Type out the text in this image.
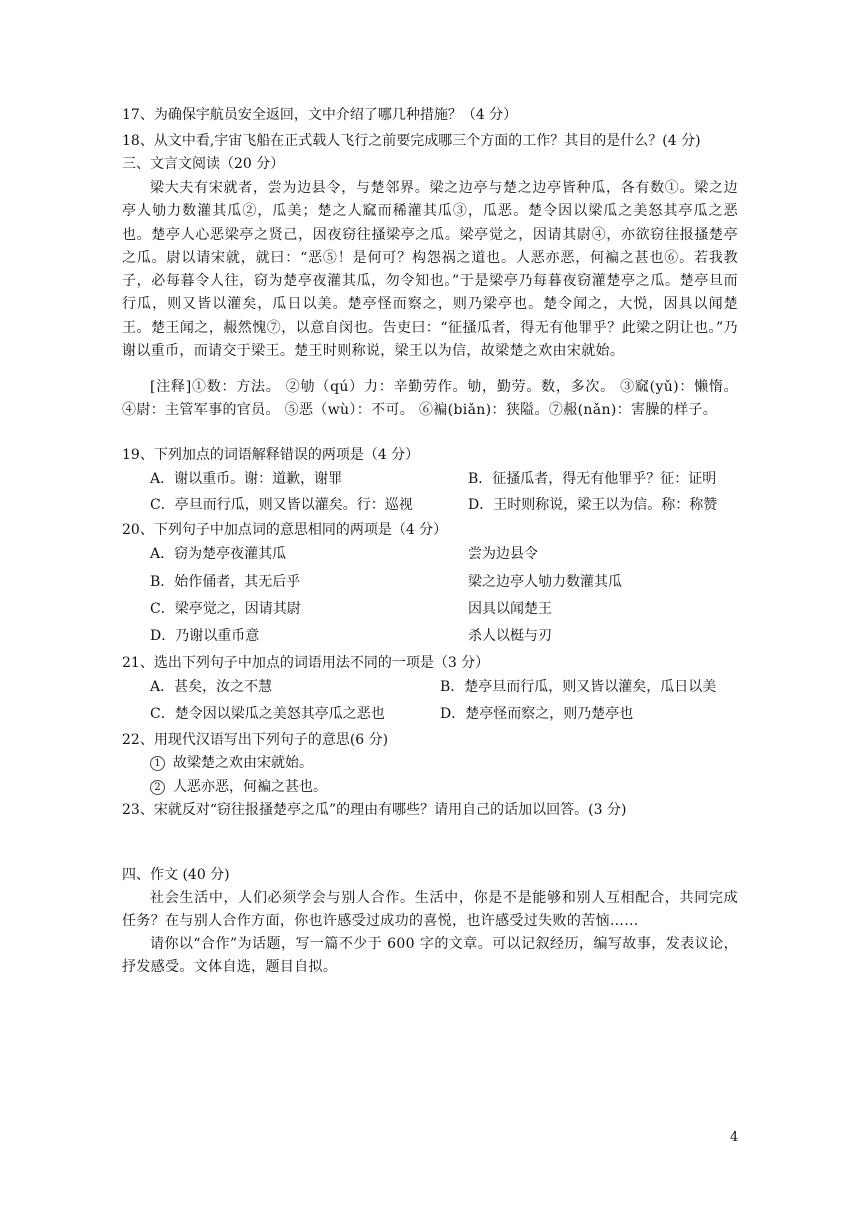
17、为确保宇航员安全返回，文中介绍了哪几种措施？（4 分）
18、从文中看,宇宙飞船在正式载人飞行之前要完成哪三个方面的工作？其目的是什么？(4 分)
三、文言文阅读（20 分）
梁大夫有宋就者，尝为边县令，与楚邻界。梁之边亭与楚之边亭皆种瓜，各有数①。梁之边亭人劬力数灌其瓜②，瓜美；楚之人窳而稀灌其瓜③，瓜恶。楚令因以梁瓜之美怒其亭瓜之恶也。楚亭人心恶梁亭之贤己，因夜窃往搔梁亭之瓜。梁亭觉之，因请其尉④，亦欲窃往报搔楚亭之瓜。尉以请宋就，就曰：“恶⑤！是何可？构怨祸之道也。人恶亦恶，何褊之甚也⑥。若我教子，必每暮令人往，窃为楚亭夜灌其瓜，勿令知也。”于是梁亭乃每暮夜窃灌楚亭之瓜。楚亭旦而行瓜，则又皆以灌矣，瓜日以美。楚亭怪而察之，则乃梁亭也。楚令闻之，大悦，因具以闻楚王。楚王闻之，赧然愧⑦，以意自闵也。告吏曰：“征搔瓜者，得无有他罪乎？此梁之阴让也。”乃谢以重币，而请交于梁王。楚王时则称说，梁王以为信，故梁楚之欢由宋就始。
[注释]①数：方法。 ②劬（qú）力：辛勤劳作。劬，勤劳。数，多次。 ③窳(yǔ)：懒惰。 ④尉：主管军事的官员。 ⑤恶（wù）：不可。 ⑥褊(biǎn)：狭隘。⑦赧(nǎn)：害臊的样子。
19、下列加点的词语解释错误的两项是（4 分）
A．谢以重币。谢：道歉，谢罪	B．征搔瓜者，得无有他罪乎？征：证明
C．亭旦而行瓜，则又皆以灌矣。行：巡视	D．王时则称说，梁王以为信。称：称赞
20、下列句子中加点词的意思相同的两项是（4 分）
A．窃为楚亭夜灌其瓜	尝为边县令
B．始作俑者，其无后乎	梁之边亭人劬力数灌其瓜
C．梁亭觉之，因请其尉	因具以闻楚王
D．乃谢以重币意	杀人以梃与刃
21、选出下列句子中加点的词语用法不同的一项是（3 分）
A．甚矣，汝之不慧	B．楚亭旦而行瓜，则又皆以灌矣，瓜日以美
C．楚令因以梁瓜之美怒其亭瓜之恶也	D．楚亭怪而察之，则乃楚亭也
22、用现代汉语写出下列句子的意思(6 分)
1 故梁楚之欢由宋就始。
2 人恶亦恶，何褊之甚也。
23、宋就反对“窃往报搔楚亭之瓜”的理由有哪些？请用自己的话加以回答。(3 分)
四、作文 (40 分)
社会生活中，人们必须学会与别人合作。生活中，你是不是能够和别人互相配合，共同完成任务？在与别人合作方面，你也许感受过成功的喜悦，也许感受过失败的苦恼……
请你以“合作”为话题，写一篇不少于 600 字的文章。可以记叙经历，编写故事，发表议论，抒发感受。文体自选，题目自拟。
4
